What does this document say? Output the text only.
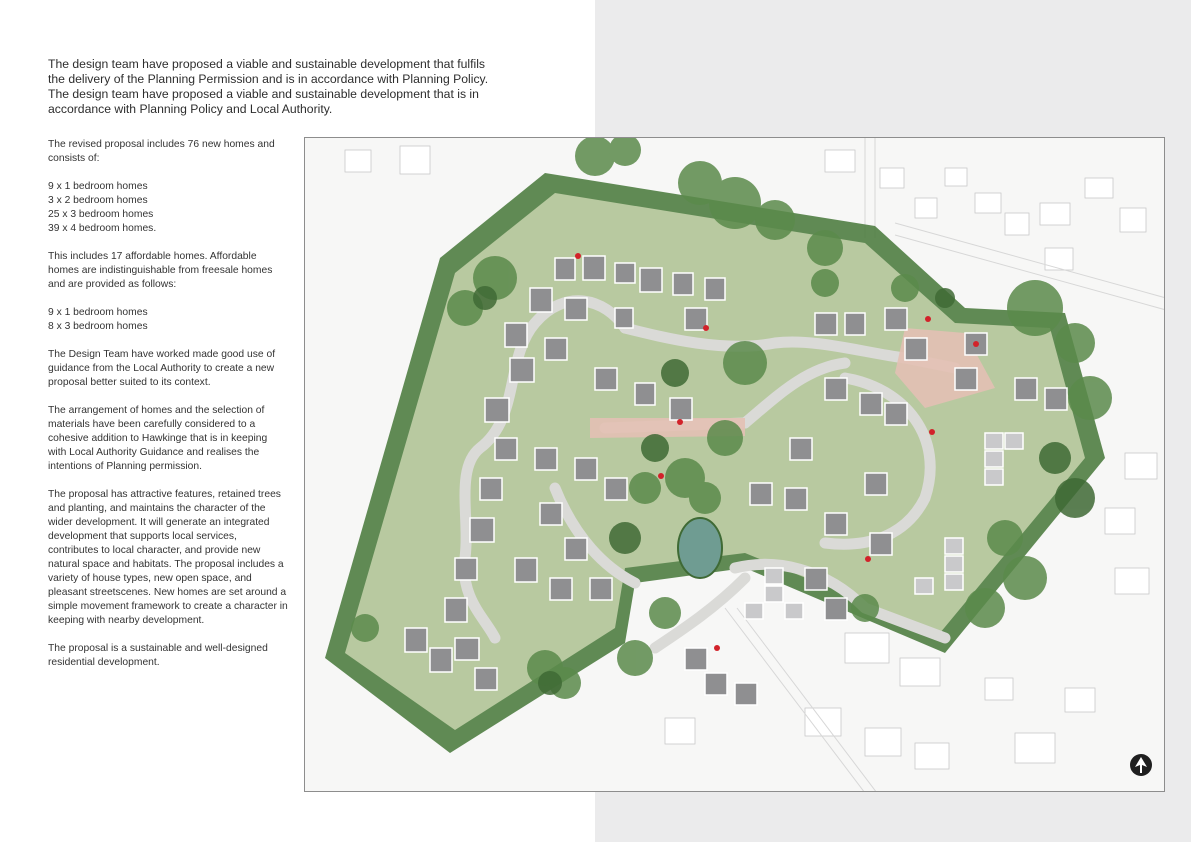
The design team have proposed a viable and sustainable development that fulfils

the delivery of the Planning Permission and is in accordance with Planning Policy.

The design team have proposed a viable and sustainable development that is in

accordance with Planning Policy and Local Authority.

The revised proposal includes 76 new homes and consists of:

9 x 1 bedroom homes
3 x 2 bedroom homes
25 x 3 bedroom homes
39 x 4 bedroom homes.

This includes 17 affordable homes. Affordable homes are indistinguishable from freesale homes and are provided as follows:

9 x 1 bedroom homes
8 x 3 bedroom homes

The Design Team have worked made good use of guidance from the Local Authority to create a new proposal better suited to its context.

The arrangement of homes and the selection of materials have been carefully considered to a cohesive addition to Hawkinge that is in keeping with Local Authority Guidance and realises the intentions of Planning permission.

The proposal has attractive features, retained trees and planting, and maintains the character of the wider development. It will generate an integrated development that supports local services, contributes to local character, and provide new natural space and habitats. The proposal includes a variety of house types, new open space, and pleasant streetscenes. New homes are set around a simple movement framework to create a character in keeping with nearby development.

The proposal is a sustainable and well-designed residential development.
